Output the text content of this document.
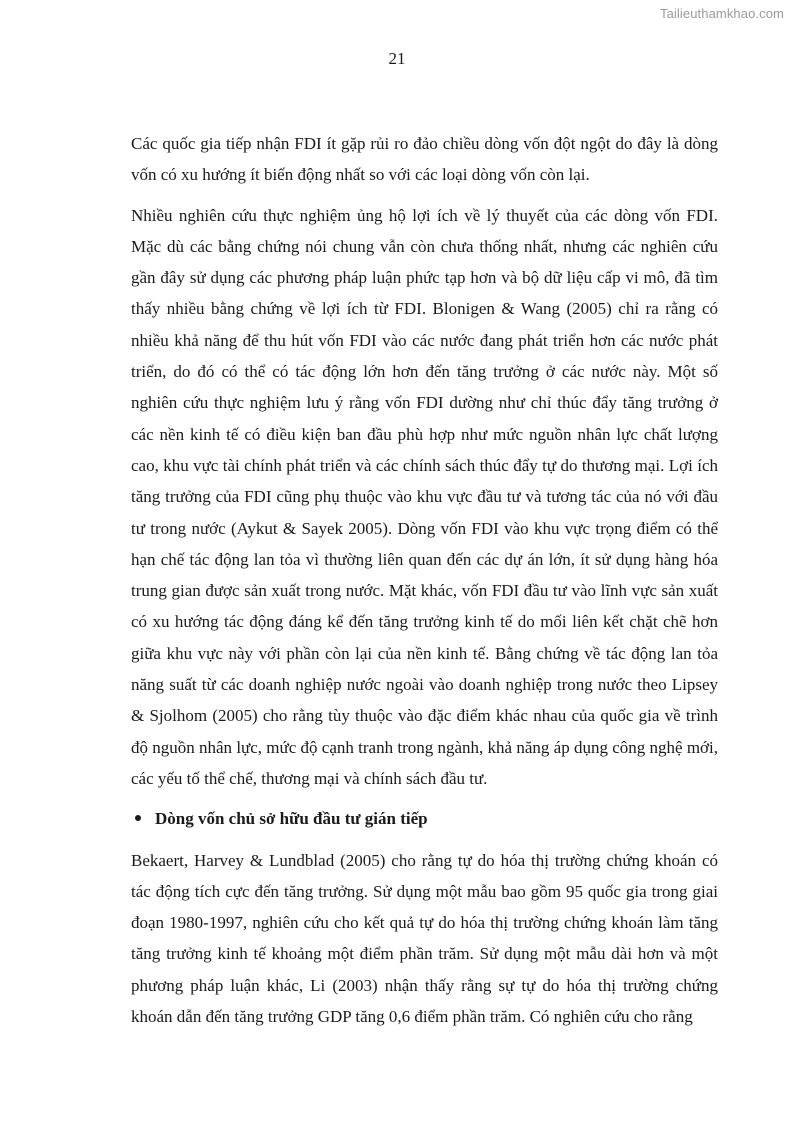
Tailieuthamkhao.com
21

Các quốc gia tiếp nhận FDI ít gặp rủi ro đảo chiều dòng vốn đột ngột do đây là dòng vốn có xu hướng ít biến động nhất so với các loại dòng vốn còn lại.

Nhiều nghiên cứu thực nghiệm ủng hộ lợi ích về lý thuyết của các dòng vốn FDI. Mặc dù các bằng chứng nói chung vẫn còn chưa thống nhất, nhưng các nghiên cứu gần đây sử dụng các phương pháp luận phức tạp hơn và bộ dữ liệu cấp vi mô, đã tìm thấy nhiều bằng chứng về lợi ích từ FDI. Blonigen & Wang (2005) chỉ ra rằng có nhiều khả năng để thu hút vốn FDI vào các nước đang phát triển hơn các nước phát triển, do đó có thể có tác động lớn hơn đến tăng trưởng ở các nước này. Một số nghiên cứu thực nghiệm lưu ý rằng vốn FDI dường như chỉ thúc đẩy tăng trưởng ở các nền kinh tế có điều kiện ban đầu phù hợp như mức nguồn nhân lực chất lượng cao, khu vực tài chính phát triển và các chính sách thúc đẩy tự do thương mại. Lợi ích tăng trưởng của FDI cũng phụ thuộc vào khu vực đầu tư và tương tác của nó với đầu tư trong nước (Aykut & Sayek 2005). Dòng vốn FDI vào khu vực trọng điểm có thể hạn chế tác động lan tỏa vì thường liên quan đến các dự án lớn, ít sử dụng hàng hóa trung gian được sản xuất trong nước. Mặt khác, vốn FDI đầu tư vào lĩnh vực sản xuất có xu hướng tác động đáng kể đến tăng trưởng kinh tế do mối liên kết chặt chẽ hơn giữa khu vực này với phần còn lại của nền kinh tế. Bằng chứng về tác động lan tỏa năng suất từ các doanh nghiệp nước ngoài vào doanh nghiệp trong nước theo Lipsey & Sjolhom (2005) cho rằng tùy thuộc vào đặc điểm khác nhau của quốc gia về trình độ nguồn nhân lực, mức độ cạnh tranh trong ngành, khả năng áp dụng công nghệ mới, các yếu tố thể chế, thương mại và chính sách đầu tư.

Dòng vốn chủ sở hữu đầu tư gián tiếp

Bekaert, Harvey & Lundblad (2005) cho rằng tự do hóa thị trường chứng khoán có tác động tích cực đến tăng trưởng. Sử dụng một mẫu bao gồm 95 quốc gia trong giai đoạn 1980-1997, nghiên cứu cho kết quả tự do hóa thị trường chứng khoán làm tăng tăng trưởng kinh tế khoảng một điểm phần trăm. Sử dụng một mẫu dài hơn và một phương pháp luận khác, Li (2003) nhận thấy rằng sự tự do hóa thị trường chứng khoán dẫn đến tăng trưởng GDP tăng 0,6 điểm phần trăm. Có nghiên cứu cho rằng
